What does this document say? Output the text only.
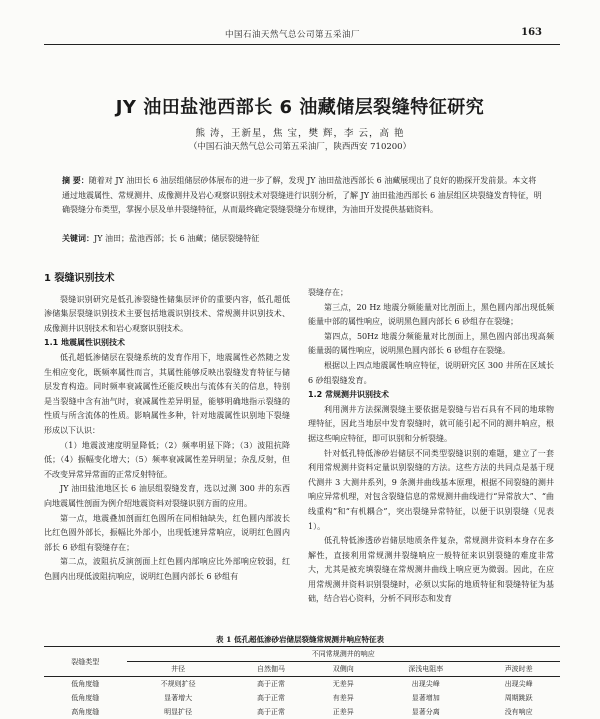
中国石油天然气总公司第五采油厂	163
JY 油田盐池西部长 6 油藏储层裂缝特征研究
熊 涛，王新星，焦 宝，樊 辉，李 云，高 艳
（中国石油天然气总公司第五采油厂，陕西西安 710200）
摘 要：随着对 JY 油田长 6 油层组储层砂体展布的进一步了解，发现 JY 油田盐池西部长 6 油藏展现出了良好的勘探开发前景。本文将通过地震属性、常规测井、成像测井及岩心观察识别技术对裂缝进行识别分析，了解 JY 油田盐池西部长 6 油层组区块裂缝发育特征，明确裂缝分布类型，掌握小层及单井裂缝特征，从而最终确定裂缝裂缝分布规律，为油田开发提供基础资料。
关键词：JY 油田；盐池西部；长 6 油藏；储层裂缝特征
1 裂缝识别技术

裂缝识别研究是低孔渗裂缝性储集层评价的重要内容，低孔超低渗储集层裂缝识别技术主要包括地震识别技术、常规测井识别技术、成像测井识别技术和岩心观察识别技术。

1.1 地震属性识别技术

低孔超低渗储层在裂缝系统的发育作用下，地震属性必然随之发生相应变化，既频率属性而言，其属性能够反映出裂缝发育特征与储层发育构造。同时频率衰减属性还能反映出与流体有关的信息，特别是当裂缝中含有油气时，衰减属性差异明显，能够明确地指示裂缝的性质与所含流体的性质。影响属性多种，针对地震属性识别地下裂缝形成以下认识：

（1）地震波速度明显降低；（2）频率明显下降；（3）波阻抗降低；（4）振幅变化增大；（5）频率衰减属性差异明显；杂乱反射，但不改变异常异常面的正常反射特征。

JY 油田盐池地区长 6 油层组裂缝发育，选以过测 300 井的东西向地震属性剖面为例介绍地震资料对裂缝识别方面的应用。

第一点，地震叠加剖面红色圆所在同相轴缺失，红色圆内部波长比红色圆外部长，振幅比外部小，出现低速异常响应，说明红色圆内部长 6 砂组有裂缝存在；

第二点，波阻抗反演剖面上红色圆内部响应比外部响应较弱，红色圆内出现低波阻抗响应，说明红色圆内部长 6 砂组有

裂缝存在；

第三点，20 Hz 地震分频能量对比剖面上，黑色圆内部出现低频能量中部的属性响应，说明黑色圆内部长 6 砂组存在裂缝；

第四点，50Hz 地震分频能量对比剖面上，黑色圆内部出现高频能量弱的属性响应，说明黑色圆内部长 6 砂组存在裂缝。

根据以上四点地震属性响应特征，说明研究区 300 井所在区域长 6 砂组裂缝发育。

1.2 常规测井识别技术

利用测井方法探测裂缝主要依据是裂缝与岩石具有不同的地球物理特征，因此当地层中发育裂缝时，就可能引起不同的测井响应，根据这些响应特征，即可识别和分析裂缝。

针对低孔特低渗砂岩储层不同类型裂缝识别的难题，建立了一套利用常规测井资料定量识别裂缝的方法。这些方法的共同点是基于现代测井 3 大测井系列，9 条测井曲线基本原理，根据不同裂缝的测井响应异常机理，对包含裂缝信息的常规测井曲线进行“异常放大”、“曲线重构”和“有机耦合”，突出裂缝异常特征，以便于识别裂缝（见表 1）。

低孔特低渗透砂岩储层地质条件复杂，常规测井资料本身存在多解性，直接利用常规测井裂缝响应一般特征来识别裂缝的难度非常大，尤其是被充填裂缝在常规测井曲线上响应更为微弱。因此，在应用常规测井资料识别裂缝时，必须以实际的地质特征和裂缝特征为基础，结合岩心资料，分析不同形态和发育

表 1 低孔超低渗砂岩储层裂缝常规测井响应特征表
裂缝类型	不同常规测井的响应				
	井径	自然伽马	双侧向	深浅电阻率	声波时差
低角度缝	不规则扩径	高于正常	无差异	出现尖峰	出现尖峰
低角度缝	显著增大	高于正常	有差异	显著增加	周期跳跃
高角度缝	明显扩径	高于正常	正差异	显著分离	没有响应
